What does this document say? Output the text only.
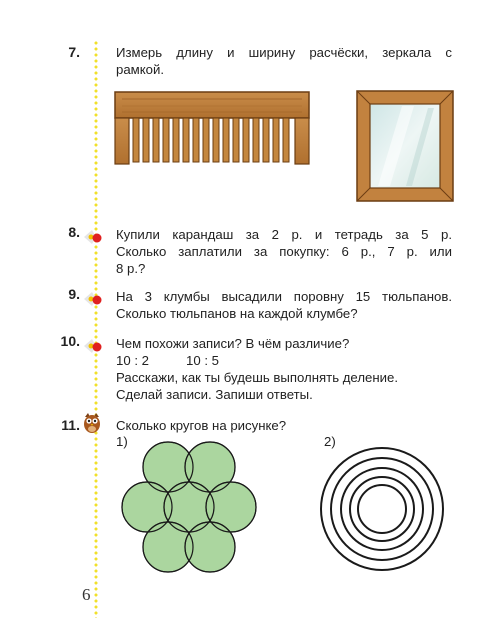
7.	Измерь длину и ширину расчёски, зеркала с
рамкой.
8.	Купили карандаш за 2 р. и тетрадь за 5 р.
Сколько заплатили за покупку: 6 р., 7 р. или
8 р.?
9.	На 3 клумбы высадили поровну 15 тюльпанов.
Сколько тюльпанов на каждой клумбе?
10.	Чем похожи записи? В чём различие?
10 : 2	10 : 5
Расскажи, как ты будешь выполнять деление.
Сделай записи. Запиши ответы.
11.	Сколько кругов на рисунке?
1)	2)
6
